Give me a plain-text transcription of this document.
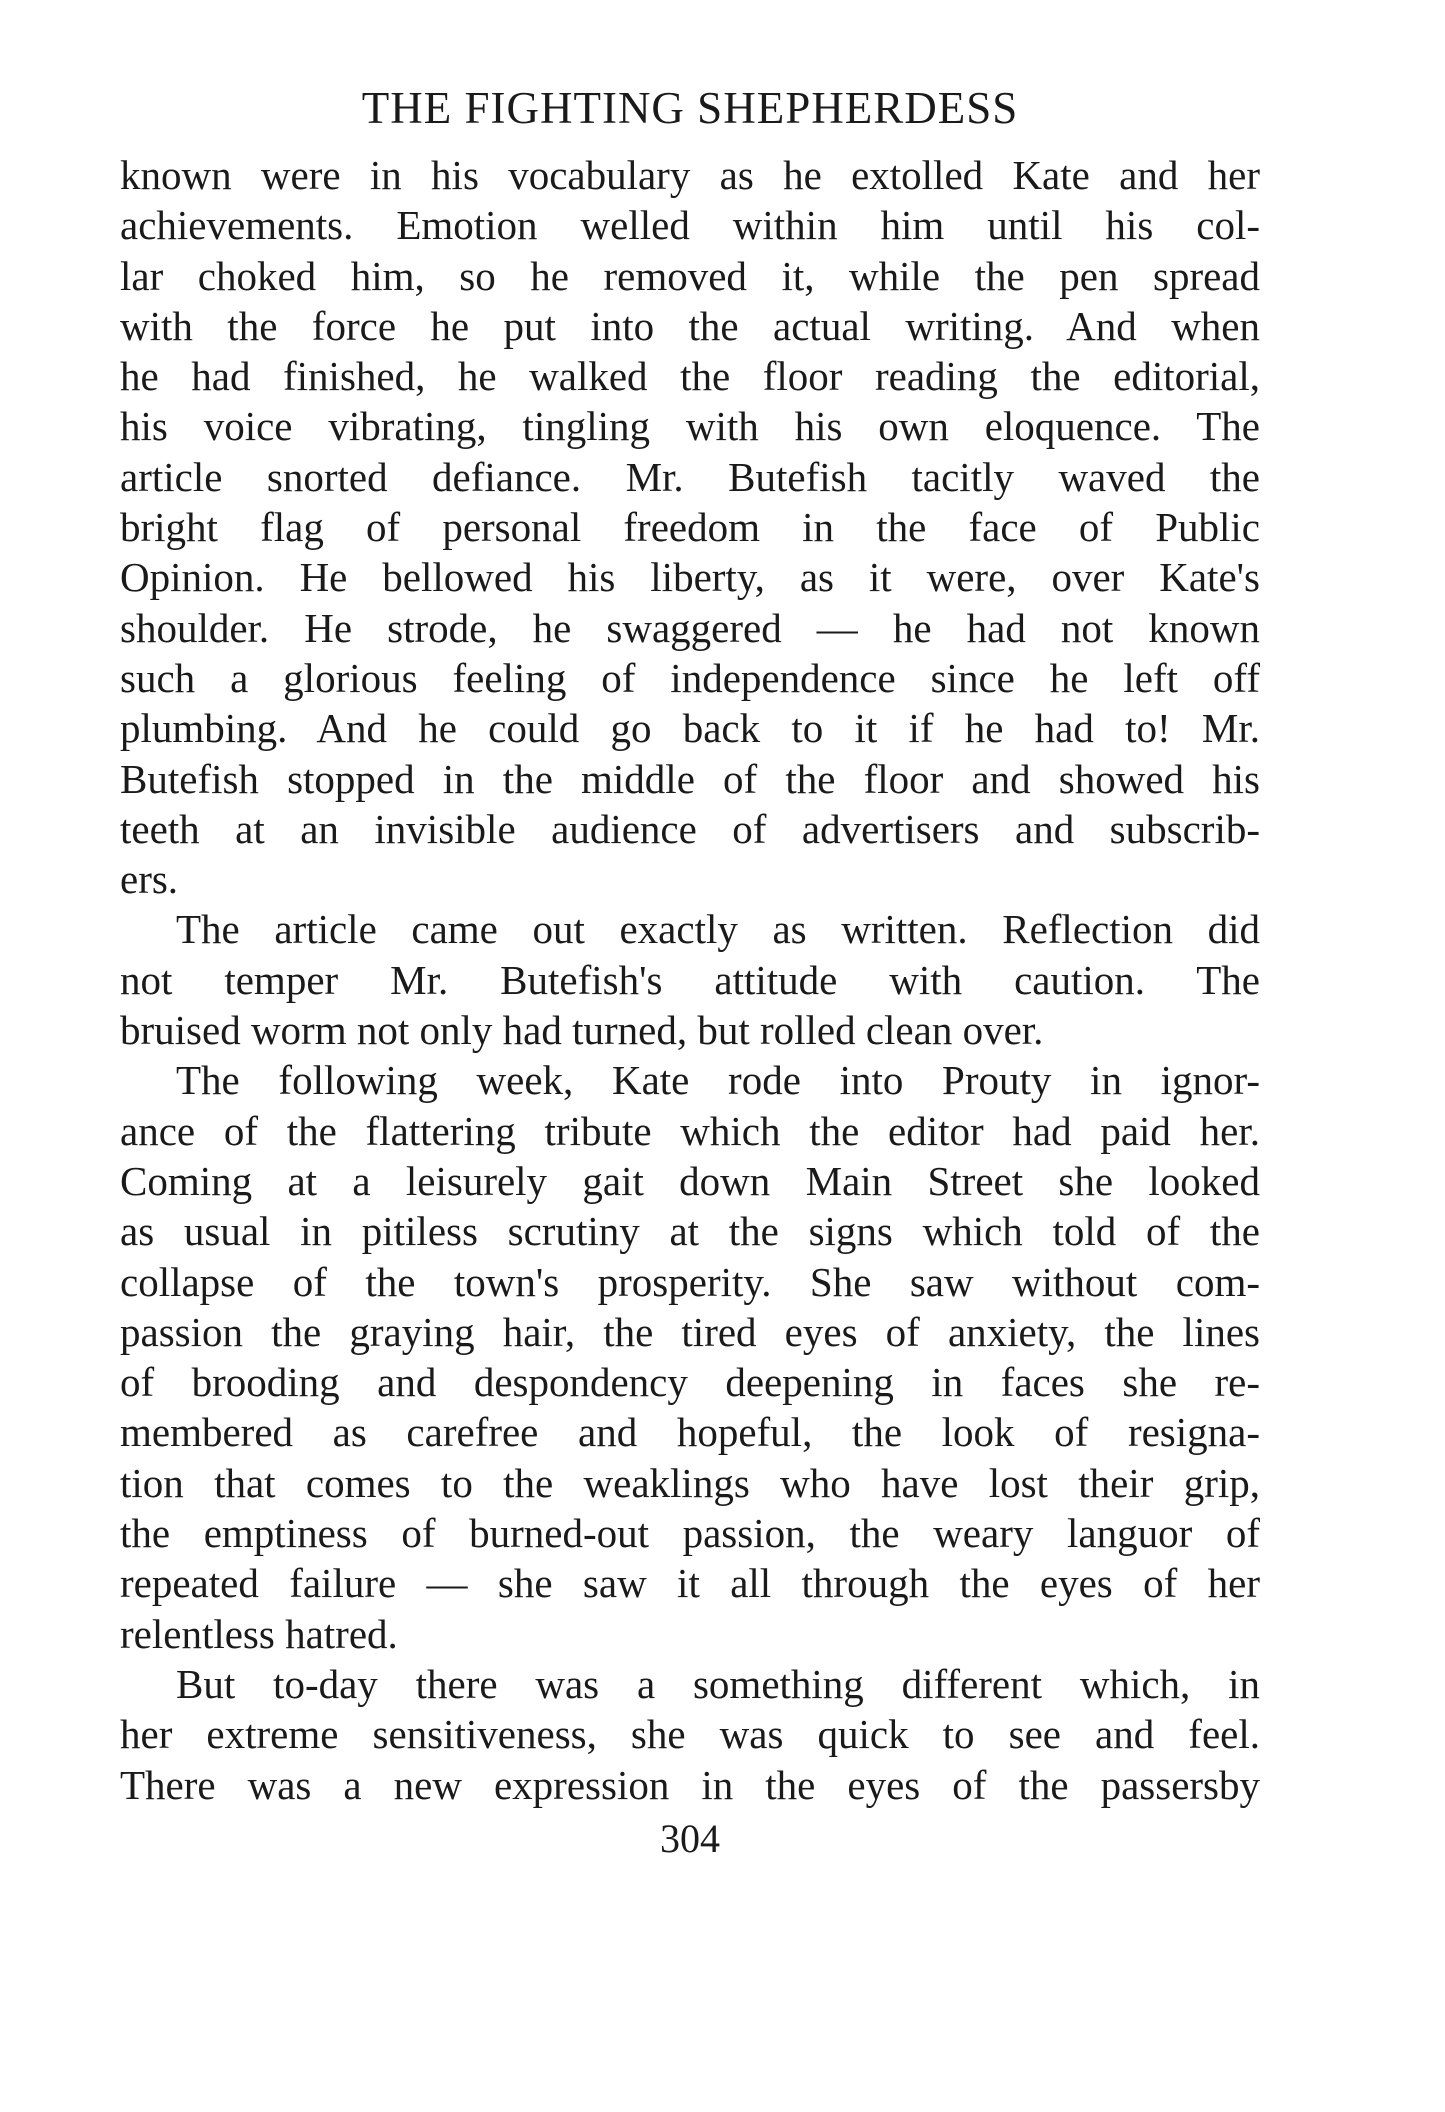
THE FIGHTING SHEPHERDESS
known were in his vocabulary as he extolled Kate and her
achievements. Emotion welled within him until his col-
lar choked him, so he removed it, while the pen spread
with the force he put into the actual writing. And when
he had finished, he walked the floor reading the editorial,
his voice vibrating, tingling with his own eloquence. The
article snorted defiance. Mr. Butefish tacitly waved the
bright flag of personal freedom in the face of Public
Opinion. He bellowed his liberty, as it were, over Kate's
shoulder. He strode, he swaggered — he had not known
such a glorious feeling of independence since he left off
plumbing. And he could go back to it if he had to! Mr.
Butefish stopped in the middle of the floor and showed his
teeth at an invisible audience of advertisers and subscrib-
ers.
The article came out exactly as written. Reflection did
not temper Mr. Butefish's attitude with caution. The
bruised worm not only had turned, but rolled clean over.
The following week, Kate rode into Prouty in ignor-
ance of the flattering tribute which the editor had paid her.
Coming at a leisurely gait down Main Street she looked
as usual in pitiless scrutiny at the signs which told of the
collapse of the town's prosperity. She saw without com-
passion the graying hair, the tired eyes of anxiety, the lines
of brooding and despondency deepening in faces she re-
membered as carefree and hopeful, the look of resigna-
tion that comes to the weaklings who have lost their grip,
the emptiness of burned-out passion, the weary languor of
repeated failure — she saw it all through the eyes of her
relentless hatred.
But to-day there was a something different which, in
her extreme sensitiveness, she was quick to see and feel.
There was a new expression in the eyes of the passersby
304
